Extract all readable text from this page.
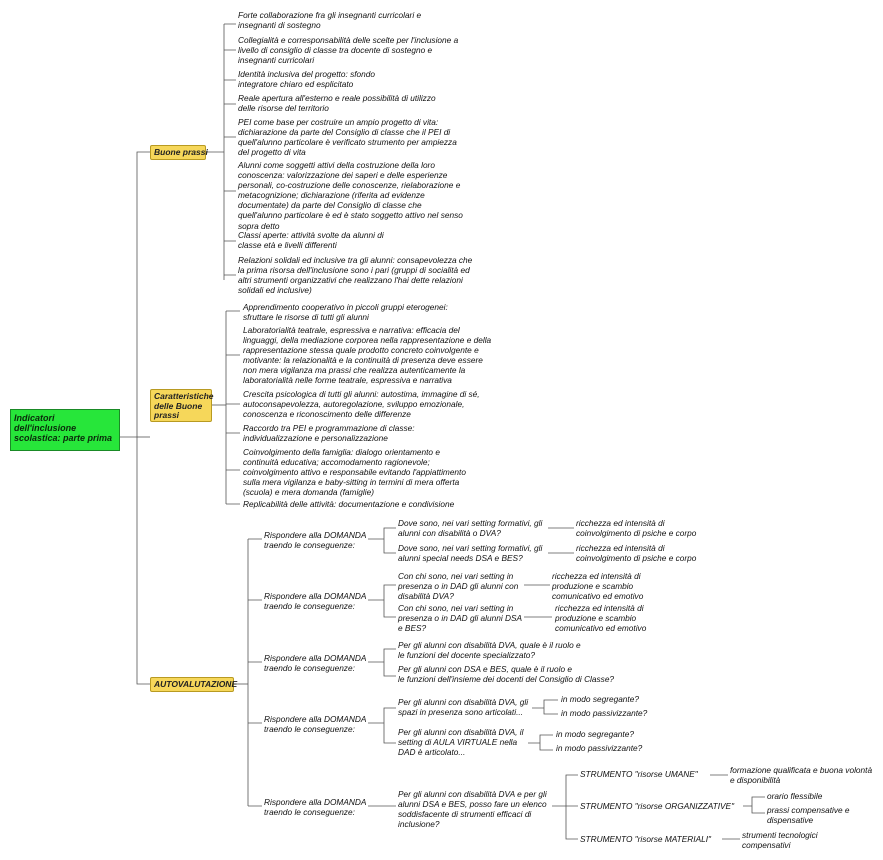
Indicatori
dell'inclusione
scolastica: parte prima
Buone prassi
Forte collaborazione fra gli insegnanti curricolari e
insegnanti di sostegno
Collegialità e corresponsabilità delle scelte per l'inclusione a
livello di consiglio di classe tra docente di sostegno e
insegnanti curricolari
Identità inclusiva del progetto: sfondo
integratore chiaro ed esplicitato
Reale apertura all'esterno e reale possibilità di utilizzo
delle risorse del territorio
PEI come base per costruire un ampio progetto di vita:
dichiarazione da parte del Consiglio di classe che il PEI di
quell'alunno particolare è verificato strumento per ampiezza
del progetto di vita
Alunni come soggetti attivi della costruzione della loro
conoscenza: valorizzazione dei saperi e delle esperienze
personali, co-costruzione delle conoscenze, rielaborazione e
metacognizione; dichiarazione (riferita ad evidenze
documentate) da parte del Consiglio di classe che
quell'alunno particolare è ed è stato soggetto attivo nel senso
sopra detto
Classi aperte: attività svolte da alunni di
classe età e livelli differenti
Relazioni solidali ed inclusive tra gli alunni: consapevolezza che
la prima risorsa dell'inclusione sono i pari (gruppi di socialità ed
altri strumenti organizzativi che realizzano l'hai dette relazioni
solidali ed inclusive)
Caratteristiche
delle Buone
prassi
Apprendimento cooperativo in piccoli gruppi eterogenei:
sfruttare le risorse di tutti gli alunni
Laboratorialità teatrale, espressiva e narrativa: efficacia del
linguaggi, della mediazione corporea nella rappresentazione e della
rappresentazione stessa quale prodotto concreto coinvolgente e
motivante: la relazionalità e la continuità di presenza deve essere
non mera vigilanza ma prassi che realizza autenticamente la
laboratorialità nelle forme teatrale, espressiva e narrativa
Crescita psicologica di tutti gli alunni: autostima, immagine di sé,
autoconsapevolezza, autoregolazione, sviluppo emozionale,
conoscenza e riconoscimento delle differenze
Raccordo tra PEI e programmazione di classe:
individualizzazione e personalizzazione
Coinvolgimento della famiglia: dialogo orientamento e
continuità educativa; accomodamento ragionevole;
coinvolgimento attivo e responsabile evitando l'appiattimento
sulla mera vigilanza e baby-sitting in termini di mera offerta
(scuola) e mera domanda (famiglie)
Replicabilità delle attività: documentazione e condivisione
AUTOVALUTAZIONE
Rispondere alla DOMANDA
traendo le conseguenze:
Rispondere alla DOMANDA
traendo le conseguenze:
Rispondere alla DOMANDA
traendo le conseguenze:
Rispondere alla DOMANDA
traendo le conseguenze:
Rispondere alla DOMANDA
traendo le conseguenze:
Dove sono, nei vari setting formativi, gli
alunni con disabilità o DVA?
ricchezza ed intensità di
coinvolgimento di psiche e corpo
Dove sono, nei vari setting formativi, gli
alunni special needs DSA e BES?
ricchezza ed intensità di
coinvolgimento di psiche e corpo
Con chi sono, nei vari setting in
presenza o in DAD gli alunni con
disabilità DVA?
ricchezza ed intensità di
produzione e scambio
comunicativo ed emotivo
Con chi sono, nei vari setting in
presenza o in DAD gli alunni DSA
e BES?
ricchezza ed intensità di
produzione e scambio
comunicativo ed emotivo
Per gli alunni con disabilità DVA, quale è il ruolo e
le funzioni del docente specializzato?
Per gli alunni con DSA e BES, quale è il ruolo e
le funzioni dell'insieme dei docenti del Consiglio di Classe?
Per gli alunni con disabilità DVA, gli
spazi in presenza sono articolati...
in modo segregante?
in modo passivizzante?
Per gli alunni con disabilità DVA, il
setting di AULA VIRTUALE nella
DAD è articolato...
in modo segregante?
in modo passivizzante?
Per gli alunni con disabilità DVA e per gli
alunni DSA e BES, posso fare un elenco
soddisfacente di strumenti efficaci di
inclusione?
STRUMENTO "risorse UMANE"	formazione qualificata e buona volontà
e disponibilità
STRUMENTO "risorse ORGANIZZATIVE"
orario flessibile
prassi compensative e
dispensative
STRUMENTO "risorse MATERIALI"	strumenti tecnologici
compensativi
